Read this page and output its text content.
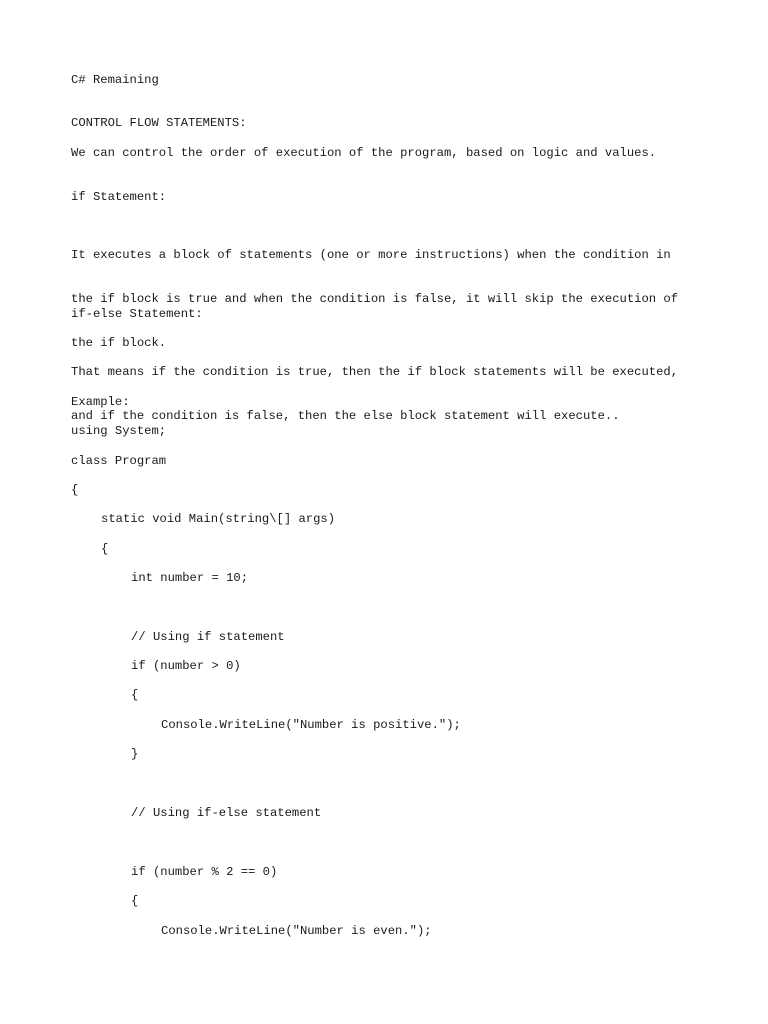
C# Remaining

CONTROL FLOW STATEMENTS:

We can control the order of execution of the program, based on logic and values.

if Statement:

It executes a block of statements (one or more instructions) when the condition in

the if block is true and when the condition is false, it will skip the execution of

the if block.

if-else Statement:

That means if the condition is true, then the if block statements will be executed,

and if the condition is false, then the else block statement will execute..

Example:

using System;

class Program

{

static void Main(string\[] args)

{

int number = 10;

// Using if statement

if (number > 0)

{

Console.WriteLine("Number is positive.");

}

// Using if-else statement

if (number % 2 == 0)

{

Console.WriteLine("Number is even.");
